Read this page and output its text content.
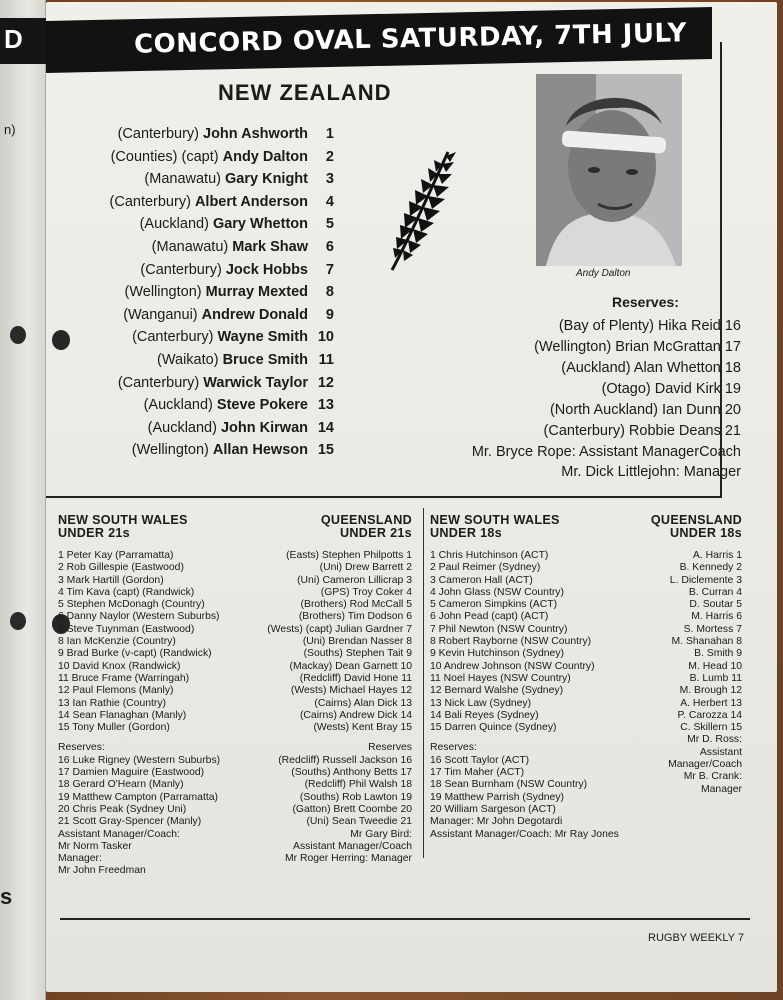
D
n)
s
CONCORD OVAL SATURDAY, 7TH JULY
NEW ZEALAND
(Canterbury) John Ashworth 1
(Counties) (capt) Andy Dalton 2
(Manawatu) Gary Knight 3
(Canterbury) Albert Anderson 4
(Auckland) Gary Whetton 5
(Manawatu) Mark Shaw 6
(Canterbury) Jock Hobbs 7
(Wellington) Murray Mexted 8
(Wanganui) Andrew Donald 9
(Canterbury) Wayne Smith 10
(Waikato) Bruce Smith 11
(Canterbury) Warwick Taylor 12
(Auckland) Steve Pokere 13
(Auckland) John Kirwan 14
(Wellington) Allan Hewson 15
Andy Dalton
Reserves:
(Bay of Plenty) Hika Reid 16
(Wellington) Brian McGrattan 17
(Auckland) Alan Whetton 18
(Otago) David Kirk 19
(North Auckland) Ian Dunn 20
(Canterbury) Robbie Deans 21
Mr. Bryce Rope: Assistant ManagerCoach
Mr. Dick Littlejohn: Manager
NEW SOUTH WALES
UNDER 21s
1 Peter Kay (Parramatta)
2 Rob Gillespie (Eastwood)
3 Mark Hartill (Gordon)
4 Tim Kava (capt) (Randwick)
5 Stephen McDonagh (Country)
6 Danny Naylor (Western Suburbs)
7 Steve Tuynman (Eastwood)
8 Ian McKenzie (Country)
9 Brad Burke (v-capt) (Randwick)
10 David Knox (Randwick)
11 Bruce Frame (Warringah)
12 Paul Flemons (Manly)
13 Ian Rathie (Country)
14 Sean Flanaghan (Manly)
15 Tony Muller (Gordon)
Reserves:
16 Luke Rigney (Western Suburbs)
17 Damien Maguire (Eastwood)
18 Gerard O'Hearn (Manly)
19 Matthew Campton (Parramatta)
20 Chris Peak (Sydney Uni)
21 Scott Gray-Spencer (Manly)
Assistant Manager/Coach:
Mr Norm Tasker
Manager:
Mr John Freedman
QUEENSLAND
UNDER 21s
(Easts) Stephen Philpotts 1
(Uni) Drew Barrett 2
(Uni) Cameron Lillicrap 3
(GPS) Troy Coker 4
(Brothers) Rod McCall 5
(Brothers) Tim Dodson 6
(Wests) (capt) Julian Gardner 7
(Uni) Brendan Nasser 8
(Souths) Stephen Tait 9
(Mackay) Dean Garnett 10
(Redcliff) David Hone 11
(Wests) Michael Hayes 12
(Cairns) Alan Dick 13
(Cairns) Andrew Dick 14
(Wests) Kent Bray 15
Reserves
(Redcliff) Russell Jackson 16
(Souths) Anthony Betts 17
(Redcliff) Phil Walsh 18
(Souths) Rob Lawton 19
(Gatton) Brett Coombe 20
(Uni) Sean Tweedie 21
Mr Gary Bird:
Assistant Manager/Coach
Mr Roger Herring: Manager
NEW SOUTH WALES
UNDER 18s
1 Chris Hutchinson (ACT)
2 Paul Reimer (Sydney)
3 Cameron Hall (ACT)
4 John Glass (NSW Country)
5 Cameron Simpkins (ACT)
6 John Pead (capt) (ACT)
7 Phil Newton (NSW Country)
8 Robert Rayborne (NSW Country)
9 Kevin Hutchinson (Sydney)
10 Andrew Johnson (NSW Country)
11 Noel Hayes (NSW Country)
12 Bernard Walshe (Sydney)
13 Nick Law (Sydney)
14 Bali Reyes (Sydney)
15 Darren Quince (Sydney)
Reserves:
16 Scott Taylor (ACT)
17 Tim Maher (ACT)
18 Sean Burnham (NSW Country)
19 Matthew Parrish (Sydney)
20 William Sargeson (ACT)
Manager: Mr John Degotardi
Assistant Manager/Coach: Mr Ray Jones
QUEENSLAND
UNDER 18s
A. Harris 1
B. Kennedy 2
L. Diclemente 3
B. Curran 4
D. Soutar 5
M. Harris 6
S. Mortess 7
M. Shanahan 8
B. Smith 9
M. Head 10
B. Lumb 11
M. Brough 12
A. Herbert 13
P. Carozza 14
C. Skillern 15
Mr D. Ross:
Assistant
Manager/Coach
Mr B. Crank:
Manager
RUGBY WEEKLY 7
